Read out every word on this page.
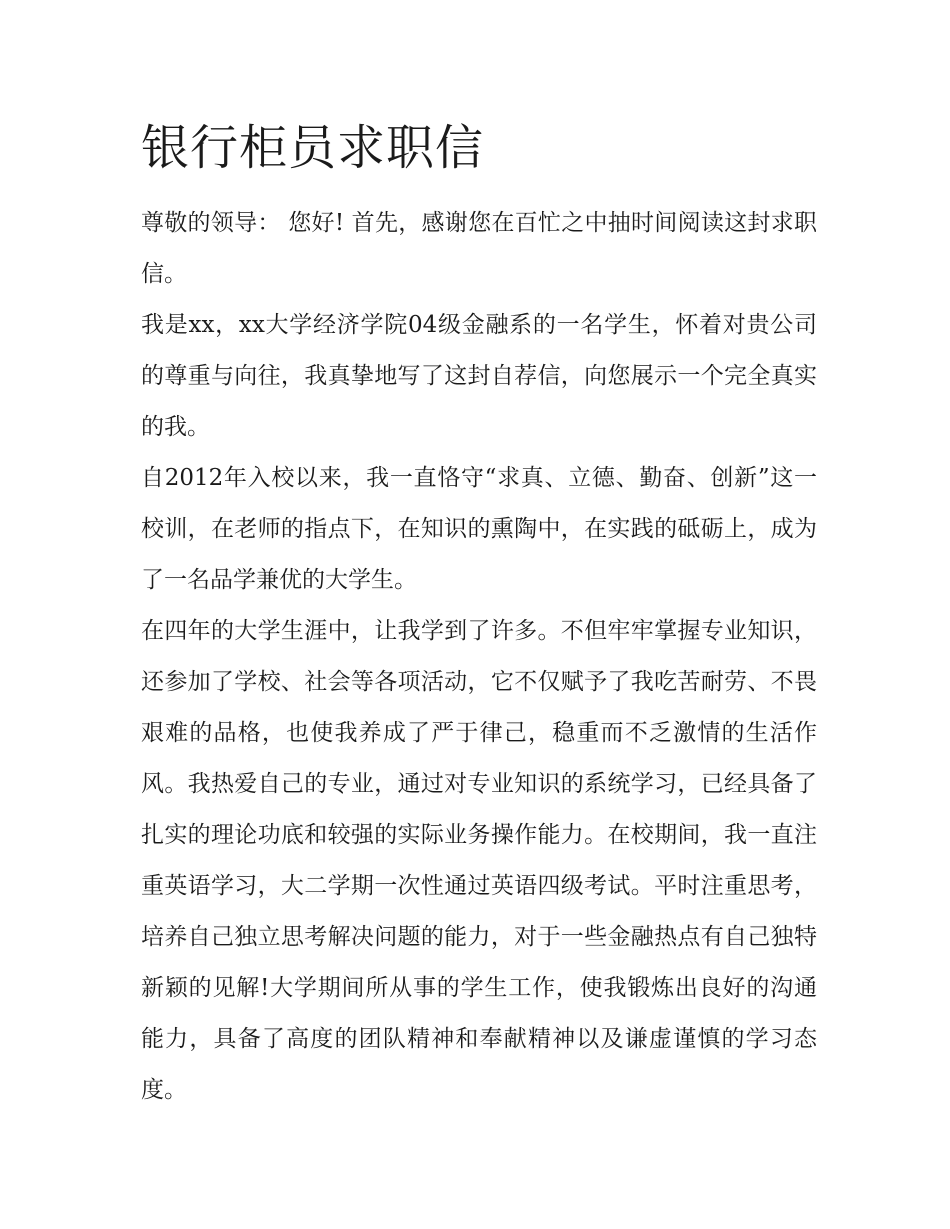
银行柜员求职信

尊敬的领导： 您好! 首先，感谢您在百忙之中抽时间阅读这封求职信。

我是xx，xx大学经济学院04级金融系的一名学生，怀着对贵公司的尊重与向往，我真挚地写了这封自荐信，向您展示一个完全真实的我。

自2012年入校以来，我一直恪守“求真、立德、勤奋、创新”这一校训，在老师的指点下，在知识的熏陶中，在实践的砥砺上，成为了一名品学兼优的大学生。

在四年的大学生涯中，让我学到了许多。不但牢牢掌握专业知识，还参加了学校、社会等各项活动，它不仅赋予了我吃苦耐劳、不畏艰难的品格，也使我养成了严于律己，稳重而不乏激情的生活作风。我热爱自己的专业，通过对专业知识的系统学习，已经具备了扎实的理论功底和较强的实际业务操作能力。在校期间，我一直注重英语学习，大二学期一次性通过英语四级考试。平时注重思考，培养自己独立思考解决问题的能力，对于一些金融热点有自己独特新颖的见解!大学期间所从事的学生工作，使我锻炼出良好的沟通能力，具备了高度的团队精神和奉献精神以及谦虚谨慎的学习态度。
